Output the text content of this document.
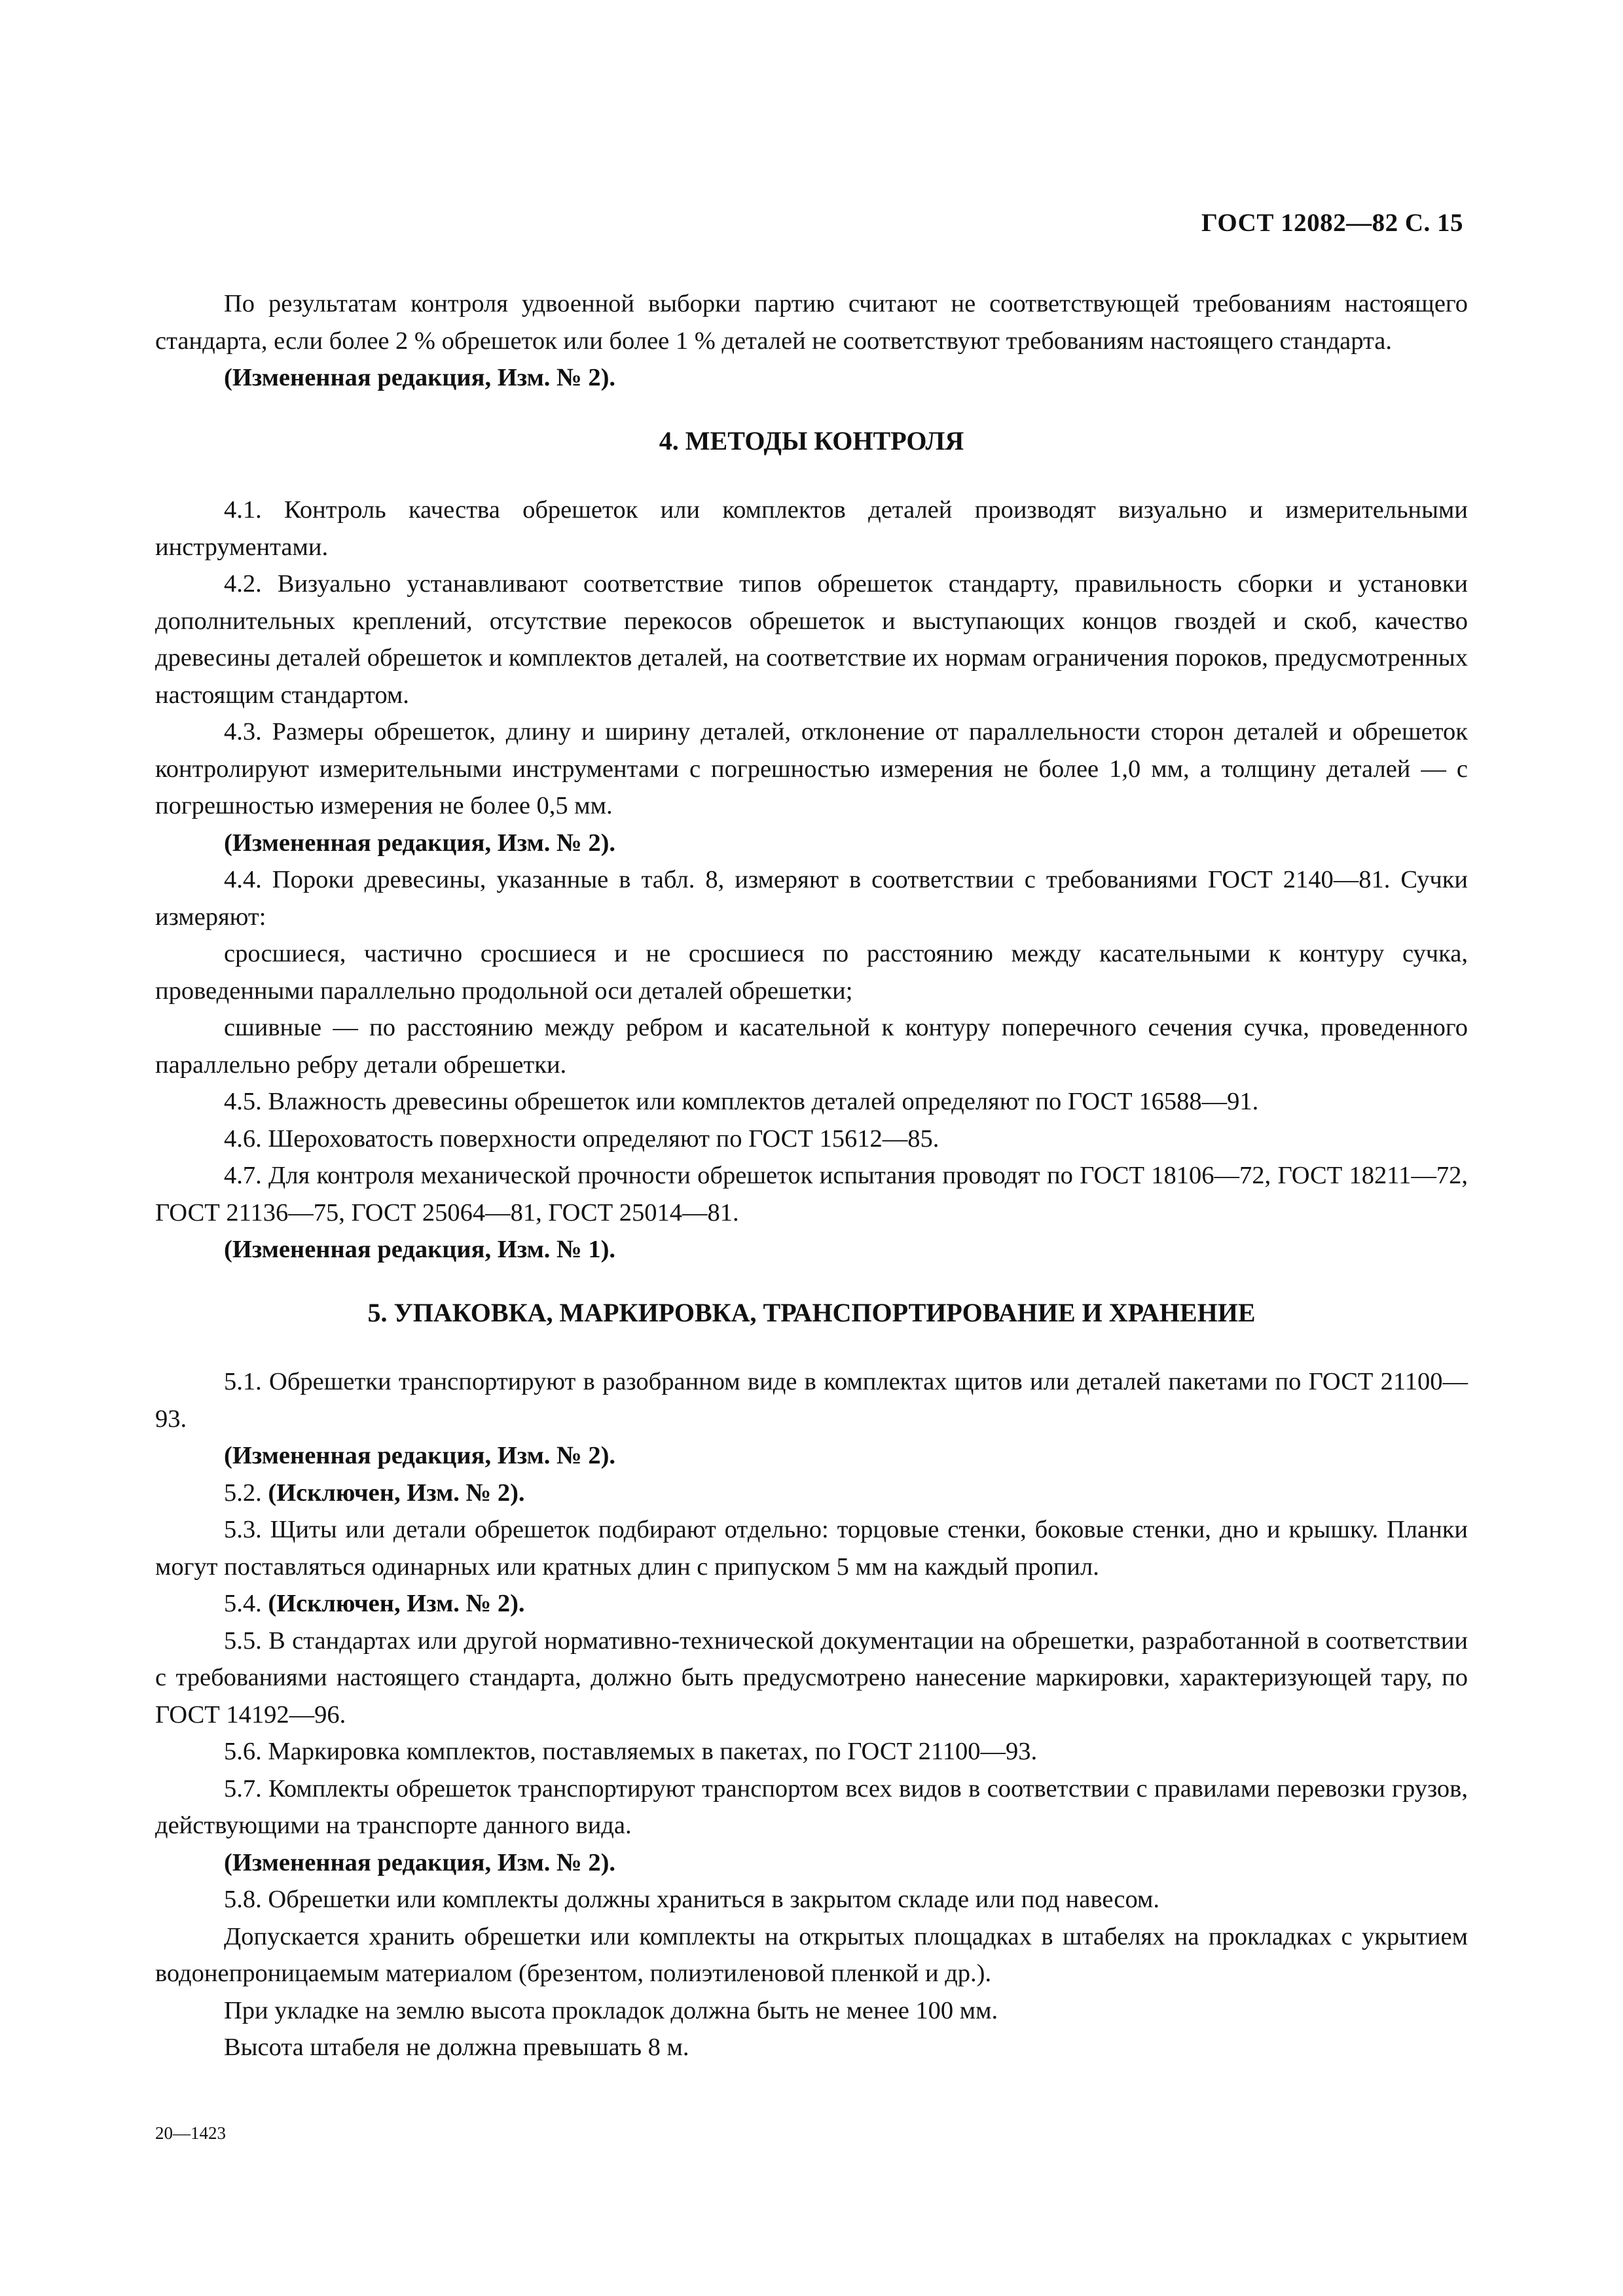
ГОСТ 12082—82 С. 15

По результатам контроля удвоенной выборки партию считают не соответствующей требованиям настоящего стандарта, если более 2 % обрешеток или более 1 % деталей не соответствуют требованиям настоящего стандарта.

(Измененная редакция, Изм. № 2).

4. МЕТОДЫ КОНТРОЛЯ

4.1. Контроль качества обрешеток или комплектов деталей производят визуально и измерительными инструментами.

4.2. Визуально устанавливают соответствие типов обрешеток стандарту, правильность сборки и установки дополнительных креплений, отсутствие перекосов обрешеток и выступающих концов гвоздей и скоб, качество древесины деталей обрешеток и комплектов деталей, на соответствие их нормам ограничения пороков, предусмотренных настоящим стандартом.

4.3. Размеры обрешеток, длину и ширину деталей, отклонение от параллельности сторон деталей и обрешеток контролируют измерительными инструментами с погрешностью измерения не более 1,0 мм, а толщину деталей — с погрешностью измерения не более 0,5 мм.

(Измененная редакция, Изм. № 2).

4.4. Пороки древесины, указанные в табл. 8, измеряют в соответствии с требованиями ГОСТ 2140—81. Сучки измеряют:

сросшиеся, частично сросшиеся и не сросшиеся по расстоянию между касательными к контуру сучка, проведенными параллельно продольной оси деталей обрешетки;

сшивные — по расстоянию между ребром и касательной к контуру поперечного сечения сучка, проведенного параллельно ребру детали обрешетки.

4.5. Влажность древесины обрешеток или комплектов деталей определяют по ГОСТ 16588—91.

4.6. Шероховатость поверхности определяют по ГОСТ 15612—85.

4.7. Для контроля механической прочности обрешеток испытания проводят по ГОСТ 18106—72, ГОСТ 18211—72, ГОСТ 21136—75, ГОСТ 25064—81, ГОСТ 25014—81.

(Измененная редакция, Изм. № 1).

5. УПАКОВКА, МАРКИРОВКА, ТРАНСПОРТИРОВАНИЕ И ХРАНЕНИЕ

5.1. Обрешетки транспортируют в разобранном виде в комплектах щитов или деталей пакетами по ГОСТ 21100—93.

(Измененная редакция, Изм. № 2).

5.2. (Исключен, Изм. № 2).

5.3. Щиты или детали обрешеток подбирают отдельно: торцовые стенки, боковые стенки, дно и крышку. Планки могут поставляться одинарных или кратных длин с припуском 5 мм на каждый пропил.

5.4. (Исключен, Изм. № 2).

5.5. В стандартах или другой нормативно-технической документации на обрешетки, разработанной в соответствии с требованиями настоящего стандарта, должно быть предусмотрено нанесение маркировки, характеризующей тару, по ГОСТ 14192—96.

5.6. Маркировка комплектов, поставляемых в пакетах, по ГОСТ 21100—93.

5.7. Комплекты обрешеток транспортируют транспортом всех видов в соответствии с правилами перевозки грузов, действующими на транспорте данного вида.

(Измененная редакция, Изм. № 2).

5.8. Обрешетки или комплекты должны храниться в закрытом складе или под навесом.

Допускается хранить обрешетки или комплекты на открытых площадках в штабелях на прокладках с укрытием водонепроницаемым материалом (брезентом, полиэтиленовой пленкой и др.).

При укладке на землю высота прокладок должна быть не менее 100 мм.

Высота штабеля не должна превышать 8 м.

20—1423
